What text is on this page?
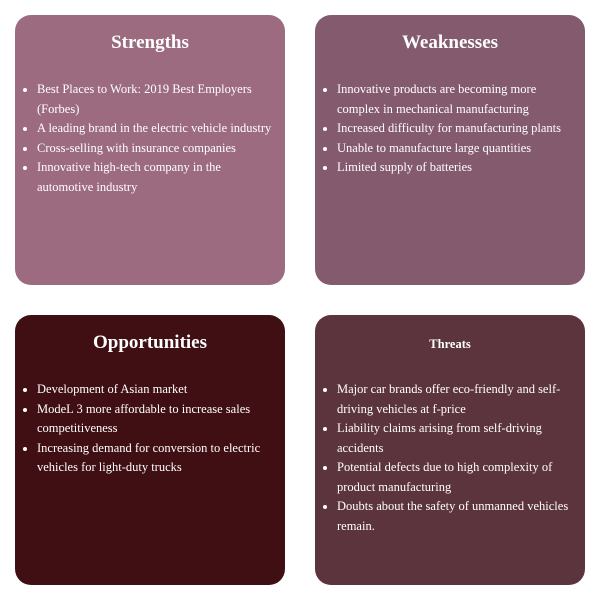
Strengths
• Best Places to Work: 2019 Best Employers (Forbes)
• A leading brand in the electric vehicle industry
• Cross-selling with insurance companies
• Innovative high-tech company in the automotive industry
Weaknesses
• Innovative products are becoming more complex in mechanical manufacturing
• Increased difficulty for manufacturing plants
• Unable to manufacture large quantities
• Limited supply of batteries
Opportunities
• Development of Asian market
• ModeL 3 more affordable to increase sales competitiveness
• Increasing demand for conversion to electric vehicles for light-duty trucks
Threats
• Major car brands offer eco-friendly and self-driving vehicles at f-price
• Liability claims arising from self-driving accidents
• Potential defects due to high complexity of product manufacturing
• Doubts about the safety of unmanned vehicles remain.
